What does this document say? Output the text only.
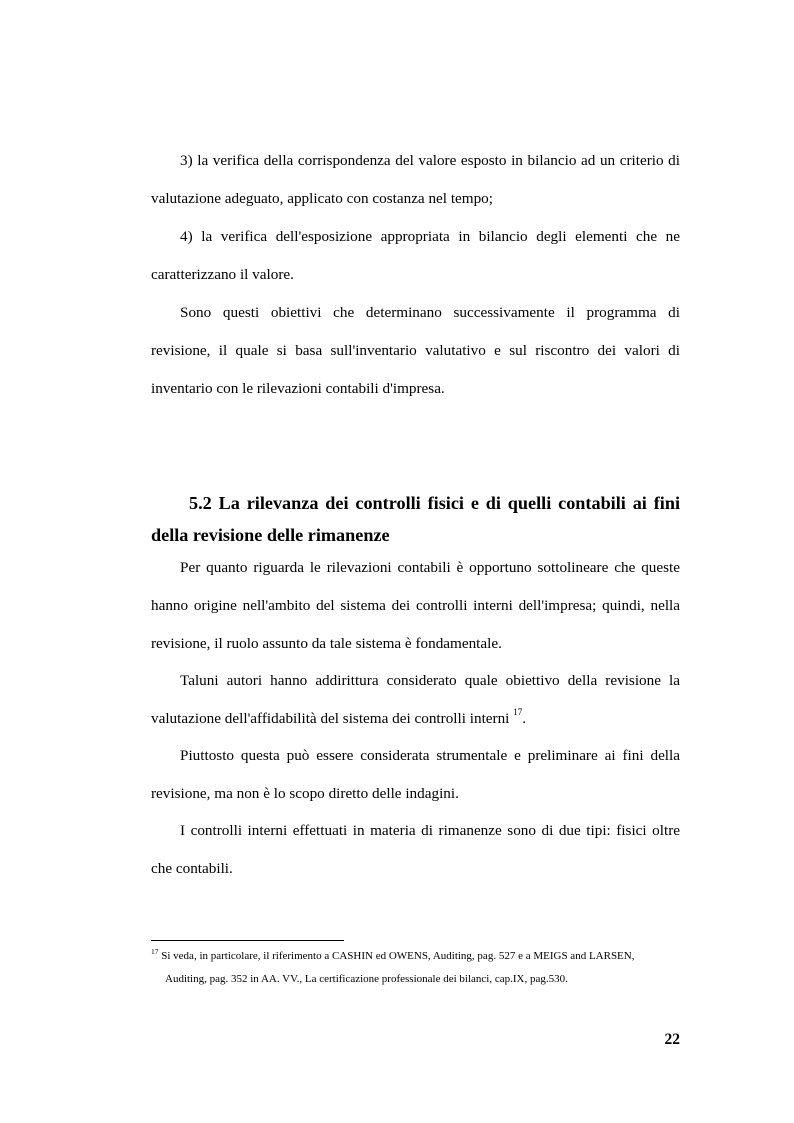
3) la verifica della corrispondenza del valore esposto in bilancio ad un criterio di valutazione adeguato, applicato con costanza nel tempo;

4) la verifica dell'esposizione appropriata in bilancio degli elementi che ne caratterizzano il valore.

Sono questi obiettivi che determinano successivamente il programma di revisione, il quale si basa sull'inventario valutativo e sul riscontro dei valori di inventario con le rilevazioni contabili d'impresa.

5.2 La rilevanza dei controlli fisici e di quelli contabili ai fini della revisione delle rimanenze

Per quanto riguarda le rilevazioni contabili è opportuno sottolineare che queste hanno origine nell'ambito del sistema dei controlli interni dell'impresa; quindi, nella revisione, il ruolo assunto da tale sistema è fondamentale.

Taluni autori hanno addirittura considerato quale obiettivo della revisione la valutazione dell'affidabilità del sistema dei controlli interni $^{17}$.

Piuttosto questa può essere considerata strumentale e preliminare ai fini della revisione, ma non è lo scopo diretto delle indagini.

I controlli interni effettuati in materia di rimanenze sono di due tipi: fisici oltre che contabili.

$^{17}$ Si veda, in particolare, il riferimento a CASHIN ed OWENS, Auditing, pag. 527 e a MEIGS and LARSEN,
Auditing, pag. 352 in AA. VV., La certificazione professionale dei bilanci, cap.IX, pag.530.
22
